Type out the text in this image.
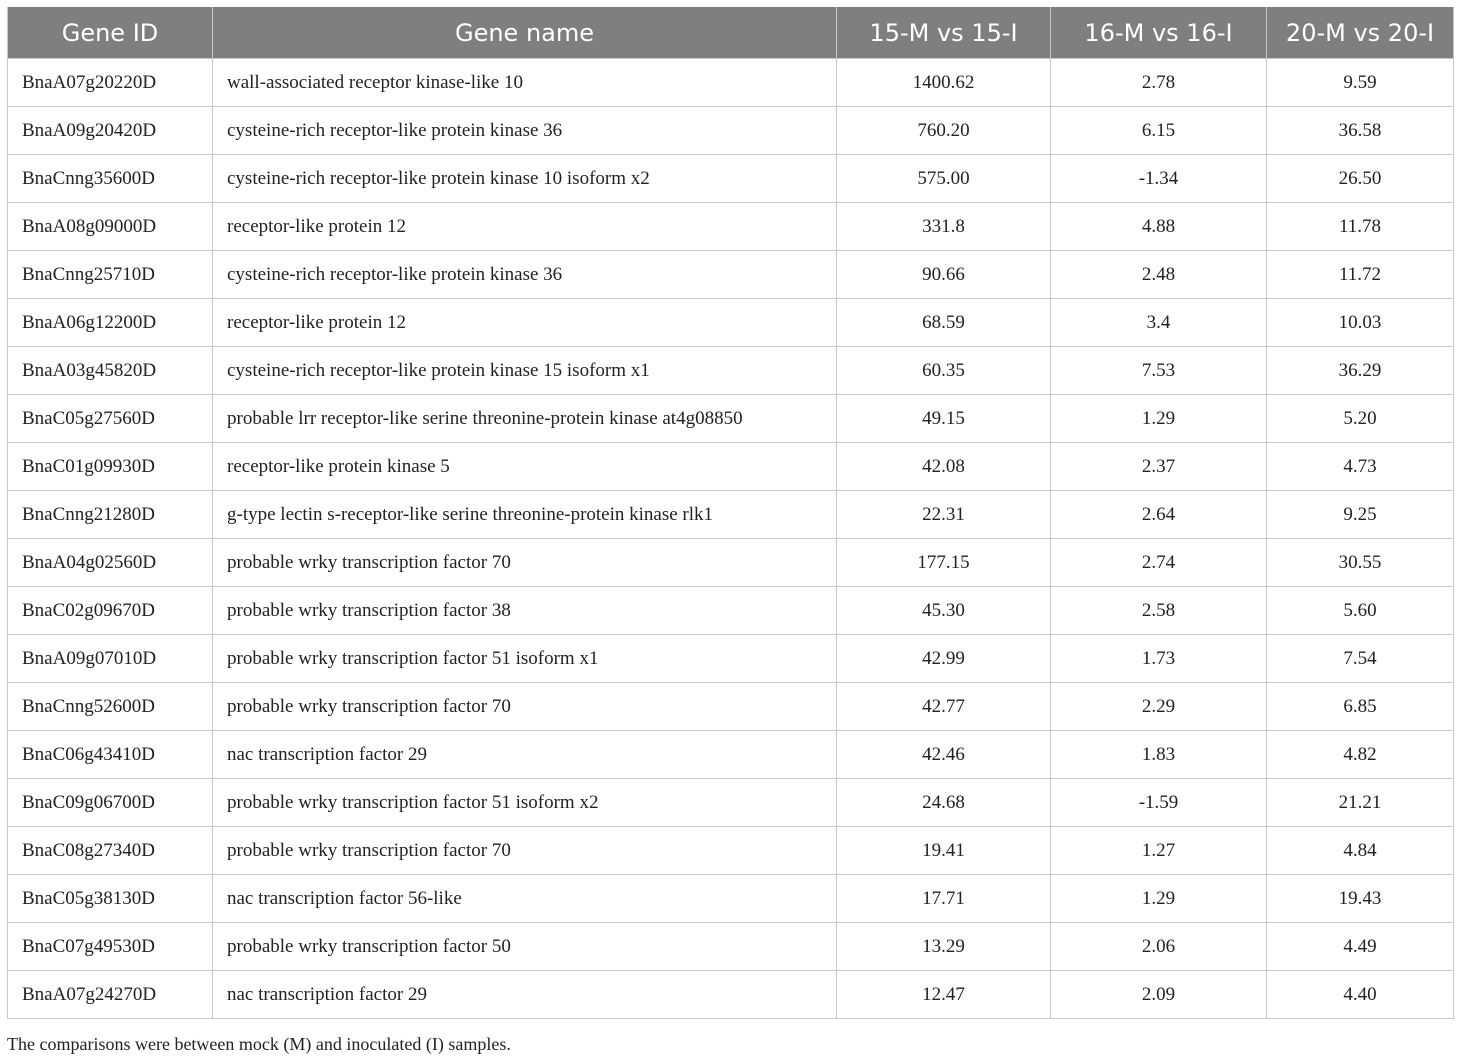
Gene ID	Gene name	15-M vs 15-I	16-M vs 16-I	20-M vs 20-I
BnaA07g20220D	wall-associated receptor kinase-like 10	1400.62	2.78	9.59
BnaA09g20420D	cysteine-rich receptor-like protein kinase 36	760.20	6.15	36.58
BnaCnng35600D	cysteine-rich receptor-like protein kinase 10 isoform x2	575.00	-1.34	26.50
BnaA08g09000D	receptor-like protein 12	331.8	4.88	11.78
BnaCnng25710D	cysteine-rich receptor-like protein kinase 36	90.66	2.48	11.72
BnaA06g12200D	receptor-like protein 12	68.59	3.4	10.03
BnaA03g45820D	cysteine-rich receptor-like protein kinase 15 isoform x1	60.35	7.53	36.29
BnaC05g27560D	probable lrr receptor-like serine threonine-protein kinase at4g08850	49.15	1.29	5.20
BnaC01g09930D	receptor-like protein kinase 5	42.08	2.37	4.73
BnaCnng21280D	g-type lectin s-receptor-like serine threonine-protein kinase rlk1	22.31	2.64	9.25
BnaA04g02560D	probable wrky transcription factor 70	177.15	2.74	30.55
BnaC02g09670D	probable wrky transcription factor 38	45.30	2.58	5.60
BnaA09g07010D	probable wrky transcription factor 51 isoform x1	42.99	1.73	7.54
BnaCnng52600D	probable wrky transcription factor 70	42.77	2.29	6.85
BnaC06g43410D	nac transcription factor 29	42.46	1.83	4.82
BnaC09g06700D	probable wrky transcription factor 51 isoform x2	24.68	-1.59	21.21
BnaC08g27340D	probable wrky transcription factor 70	19.41	1.27	4.84
BnaC05g38130D	nac transcription factor 56-like	17.71	1.29	19.43
BnaC07g49530D	probable wrky transcription factor 50	13.29	2.06	4.49
BnaA07g24270D	nac transcription factor 29	12.47	2.09	4.40
The comparisons were between mock (M) and inoculated (I) samples.
